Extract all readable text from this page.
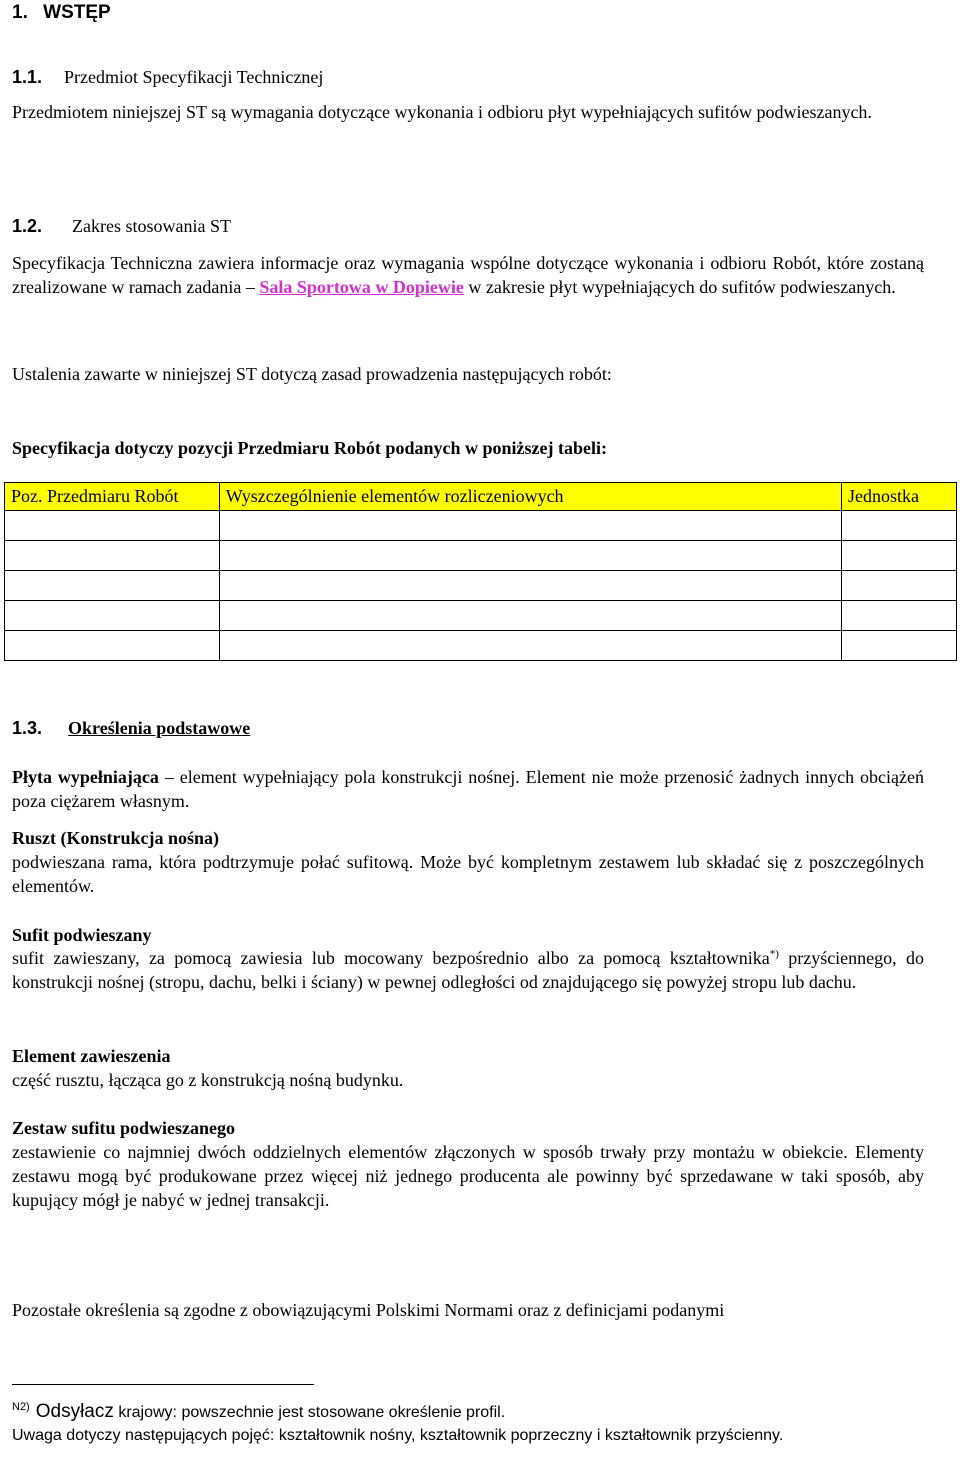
1. WSTĘP
1.1. Przedmiot Specyfikacji Technicznej
Przedmiotem niniejszej ST są wymagania dotyczące wykonania i odbioru płyt wypełniających sufitów podwieszanych.
1.2. Zakres stosowania ST
Specyfikacja Techniczna zawiera informacje oraz wymagania wspólne dotyczące wykonania i odbioru Robót, które zostaną zrealizowane w ramach zadania – Sala Sportowa w Dopiewie w zakresie płyt wypełniających do sufitów podwieszanych.
Ustalenia zawarte w niniejszej ST dotyczą zasad prowadzenia następujących robót:
Specyfikacja dotyczy pozycji Przedmiaru Robót podanych w poniższej tabeli:
Poz. Przedmiaru Robót	Wyszczególnienie elementów rozliczeniowych	Jednostka

1.3. Określenia podstawowe
Płyta wypełniająca – element wypełniający pola konstrukcji nośnej. Element nie może przenosić żadnych innych obciążeń poza ciężarem własnym.
Ruszt (Konstrukcja nośna)
podwieszana rama, która podtrzymuje połać sufitową. Może być kompletnym zestawem lub składać się z poszczególnych elementów.
Sufit podwieszany
sufit zawieszany, za pomocą zawiesia lub mocowany bezpośrednio albo za pomocą kształtownika*) przyściennego, do konstrukcji nośnej (stropu, dachu, belki i ściany) w pewnej odległości od znajdującego się powyżej stropu lub dachu.
Element zawieszenia
część rusztu, łącząca go z konstrukcją nośną budynku.
Zestaw sufitu podwieszanego
zestawienie co najmniej dwóch oddzielnych elementów złączonych w sposób trwały przy montażu w obiekcie. Elementy zestawu mogą być produkowane przez więcej niż jednego producenta ale powinny być sprzedawane w taki sposób, aby kupujący mógł je nabyć w jednej transakcji.
Pozostałe określenia są zgodne z obowiązującymi Polskimi Normami oraz z definicjami podanymi
$^{N2)}$ Odsyłacz krajowy: powszechnie jest stosowane określenie profil.
Uwaga dotyczy następujących pojęć: kształtownik nośny, kształtownik poprzeczny i kształtownik przyścienny.
